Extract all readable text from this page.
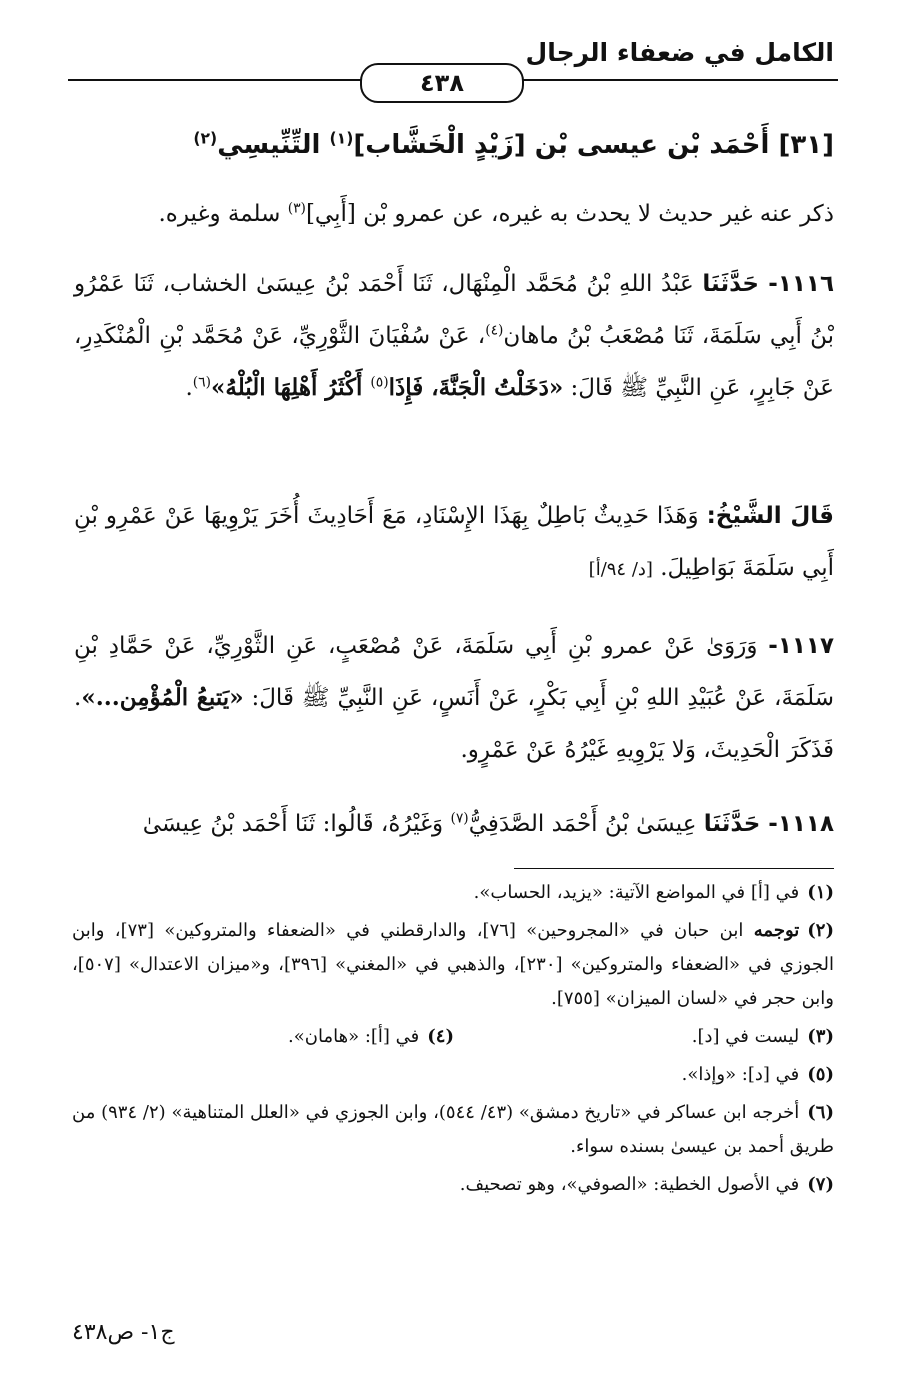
الكامل في ضعفاء الرجال
٤٣٨
[٣١] أَحْمَد بْن عيسى بْن [زَيْدٍ الْخَشَّاب]$^{(١)}$ التِّنِّيسِي$^{(٢)}$
ذكر عنه غير حديث لا يحدث به غيره، عن عمرو بْن [أَبِي]$^{(٣)}$ سلمة وغيره.
١١١٦- حَدَّثَنَا عَبْدُ اللهِ بْنُ مُحَمَّد الْمِنْهَال، ثَنَا أَحْمَد بْنُ عِيسَىٰ الخشاب، ثَنَا عَمْرُو بْنُ أَبِي سَلَمَةَ، ثَنَا مُصْعَبُ بْنُ ماهان$^{(٤)}$، عَنْ سُفْيَانَ الثَّوْرِيِّ، عَنْ مُحَمَّد بْنِ الْمُنْكَدِرِ، عَنْ جَابِرٍ، عَنِ النَّبِيِّ ﷺ قَالَ: «دَخَلْتُ الْجَنَّةَ، فَإِذَا$^{(٥)}$ أَكْثَرُ أَهْلِهَا الْبُلْهُ»$^{(٦)}$.
قَالَ الشَّيْخُ: وَهَذَا حَدِيثٌ بَاطِلٌ بِهَذَا الإِسْنَادِ، مَعَ أَحَادِيثَ أُخَرَ يَرْوِيهَا عَنْ عَمْرِو بْنِ أَبِي سَلَمَةَ بَوَاطِيلَ. [د/ ٩٤/أ]
١١١٧- وَرَوَىٰ عَنْ عمرو بْنِ أَبِي سَلَمَةَ، عَنْ مُصْعَبٍ، عَنِ الثَّوْرِيِّ، عَنْ حَمَّادِ بْنِ سَلَمَةَ، عَنْ عُبَيْدِ اللهِ بْنِ أَبِي بَكْرٍ، عَنْ أَنَسٍ، عَنِ النَّبِيِّ ﷺ قَالَ: «يَتبعُ الْمُؤْمِن...». فَذَكَرَ الْحَدِيثَ، وَلا يَرْوِيهِ غَيْرُهُ عَنْ عَمْرٍو.
١١١٨- حَدَّثَنَا عِيسَىٰ بْنُ أَحْمَد الصَّدَفِيُّ$^{(٧)}$ وَغَيْرُهُ، قَالُوا: ثَنَا أَحْمَد بْنُ عِيسَىٰ
(١)في [أ] في المواضع الآتية: «يزيد، الحساب».
(٢)توجمه ابن حبان في «المجروحين» [٧٦]، والدارقطني في «الضعفاء والمتروكين» [٧٣]، وابن الجوزي في «الضعفاء والمتروكين» [٢٣٠]، والذهبي في «المغني» [٣٩٦]، و«ميزان الاعتدال» [٥٠٧]، وابن حجر في «لسان الميزان» [٧٥٥].
(٣)ليست في [د].
(٤)في [أ]: «هامان».
(٥)في [د]: «وإذا».
(٦)أخرجه ابن عساكر في «تاريخ دمشق» (٤٣/ ٥٤٤)، وابن الجوزي في «العلل المتناهية» (٢/ ٩٣٤) من طريق أحمد بن عيسىٰ بسنده سواء.
(٧)في الأصول الخطية: «الصوفي»، وهو تصحيف.
ج١- ص٤٣٨
